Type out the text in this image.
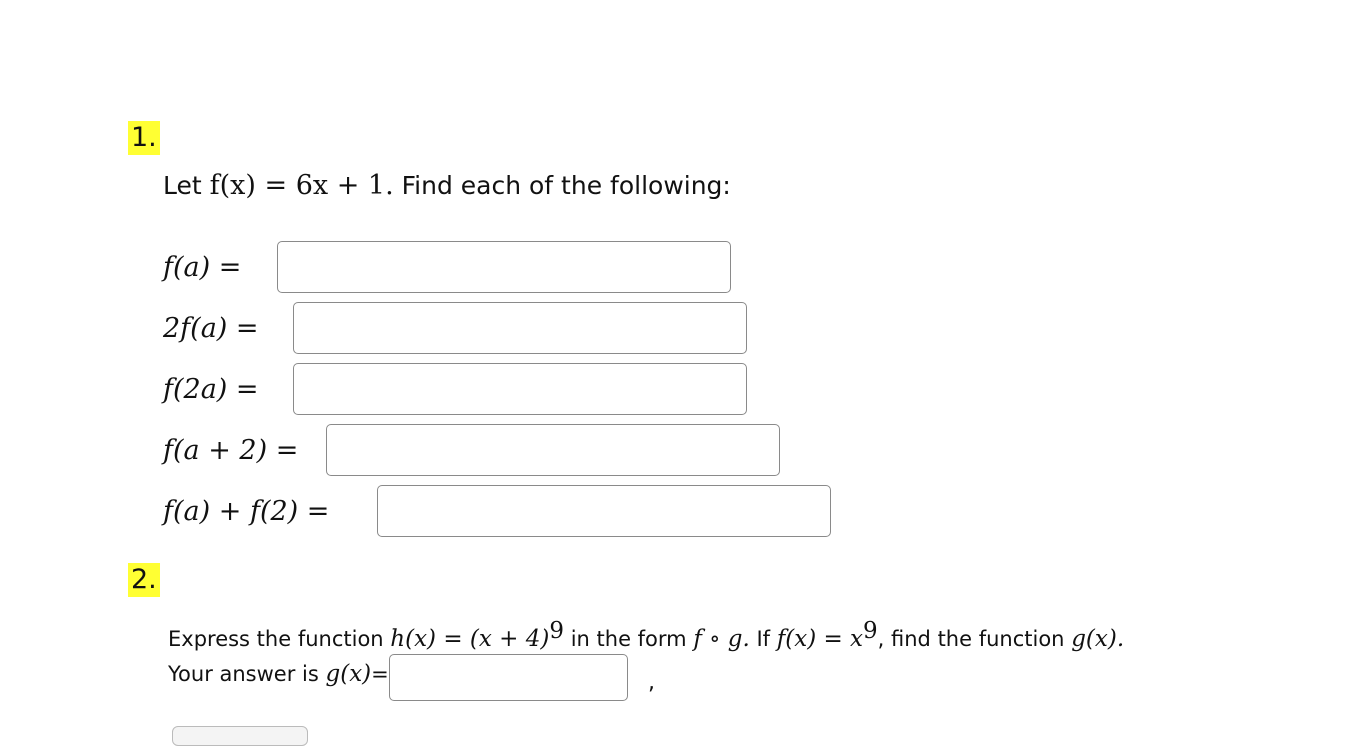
1.
Let f(x) = 6x + 1. Find each of the following:
f(a) =
2f(a) =
f(2a) =
f(a + 2) =
f(a) + f(2) =
2.
Express the function $h(x) = (x + 4)^9$ in the form f ∘ g. If $f(x) = x^9$, find the function g(x).
Your answer is g(x)=	,
